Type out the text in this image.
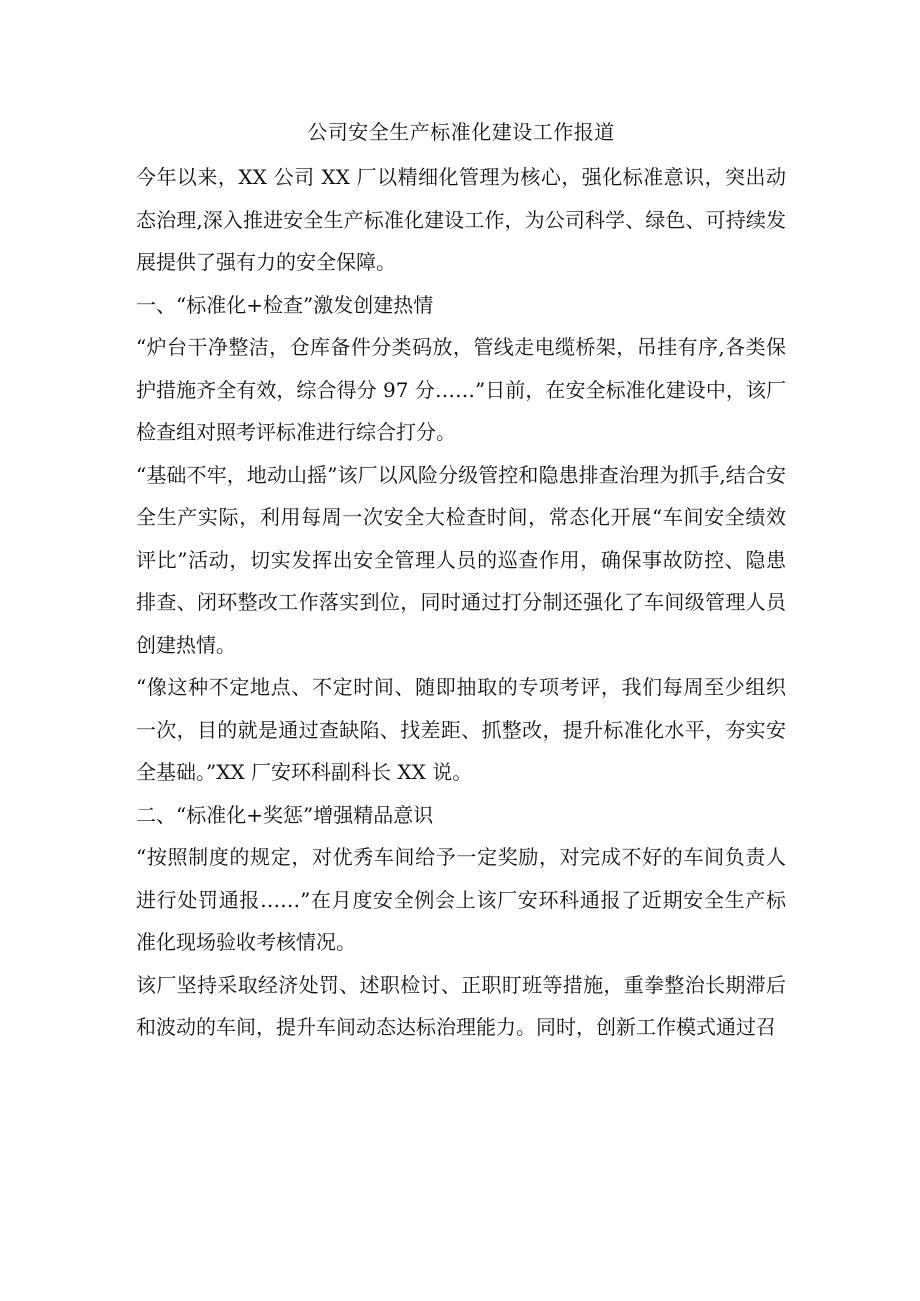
公司安全生产标准化建设工作报道

今年以来，XX 公司 XX 厂以精细化管理为核心，强化标准意识，突出动态治理,深入推进安全生产标准化建设工作，为公司科学、绿色、可持续发展提供了强有力的安全保障。

一、“标准化+检查”激发创建热情

“炉台干净整洁，仓库备件分类码放，管线走电缆桥架，吊挂有序,各类保护措施齐全有效，综合得分 97 分……”日前，在安全标准化建设中，该厂检查组对照考评标准进行综合打分。

“基础不牢，地动山摇”该厂以风险分级管控和隐患排查治理为抓手,结合安全生产实际，利用每周一次安全大检查时间，常态化开展“车间安全绩效评比”活动，切实发挥出安全管理人员的巡查作用，确保事故防控、隐患排查、闭环整改工作落实到位，同时通过打分制还强化了车间级管理人员创建热情。

“像这种不定地点、不定时间、随即抽取的专项考评，我们每周至少组织一次，目的就是通过查缺陷、找差距、抓整改，提升标准化水平，夯实安全基础。”XX 厂安环科副科长 XX 说。

二、“标准化+奖惩”增强精品意识

“按照制度的规定，对优秀车间给予一定奖励，对完成不好的车间负责人进行处罚通报……”在月度安全例会上该厂安环科通报了近期安全生产标准化现场验收考核情况。

该厂坚持采取经济处罚、述职检讨、正职盯班等措施，重拳整治长期滞后和波动的车间，提升车间动态达标治理能力。同时，创新工作模式通过召
